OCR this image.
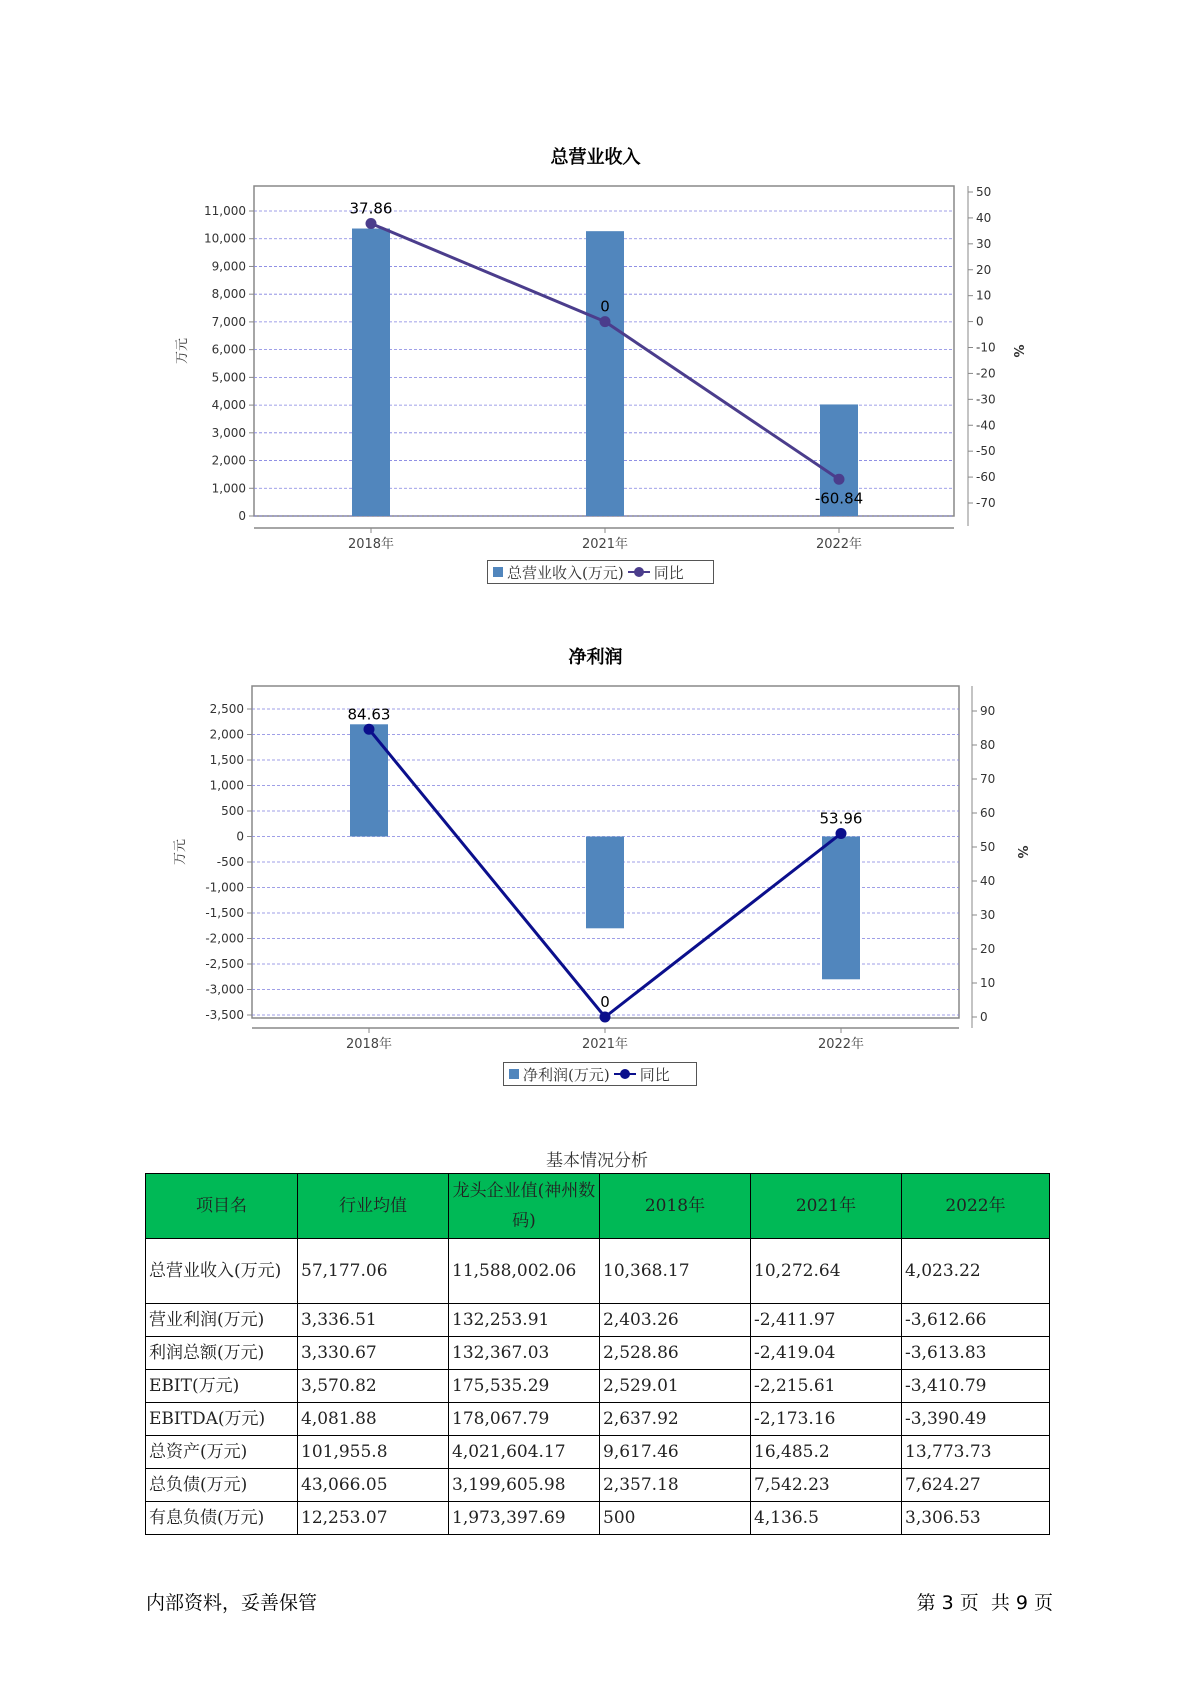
总营业收入
0
1,000
2,000
3,000
4,000
5,000
6,000
7,000
8,000
9,000
10,000
11,000
50
40
30
20
10
0
-10
-20
-30
-40
-50
-60
-70
2018年	2021年	2022年
万元	%
37.86
0
-60.84
总营业收入(万元) 同比
净利润
2,500
2,000
1,500
1,000
500
0
-500
-1,000
-1,500
-2,000
-2,500
-3,000
-3,500
90
80
70
60
50
40
30
20
10
0
2018年	2021年	2022年
万元	%
84.63
0
53.96
净利润(万元) 同比
基本情况分析
项目名	行业均值	龙头企业值(神州数码)	2018年	2021年	2022年
总营业收入(万元)	57,177.06	11,588,002.06	10,368.17	10,272.64	4,023.22
营业利润(万元)	3,336.51	132,253.91	2,403.26	-2,411.97	-3,612.66
利润总额(万元)	3,330.67	132,367.03	2,528.86	-2,419.04	-3,613.83
EBIT(万元)	3,570.82	175,535.29	2,529.01	-2,215.61	-3,410.79
EBITDA(万元)	4,081.88	178,067.79	2,637.92	-2,173.16	-3,390.49
总资产(万元)	101,955.8	4,021,604.17	9,617.46	16,485.2	13,773.73
总负债(万元)	43,066.05	3,199,605.98	2,357.18	7,542.23	7,624.27
有息负债(万元)	12,253.07	1,973,397.69	500	4,136.5	3,306.53
内部资料，妥善保管	第 3 页  共 9 页
